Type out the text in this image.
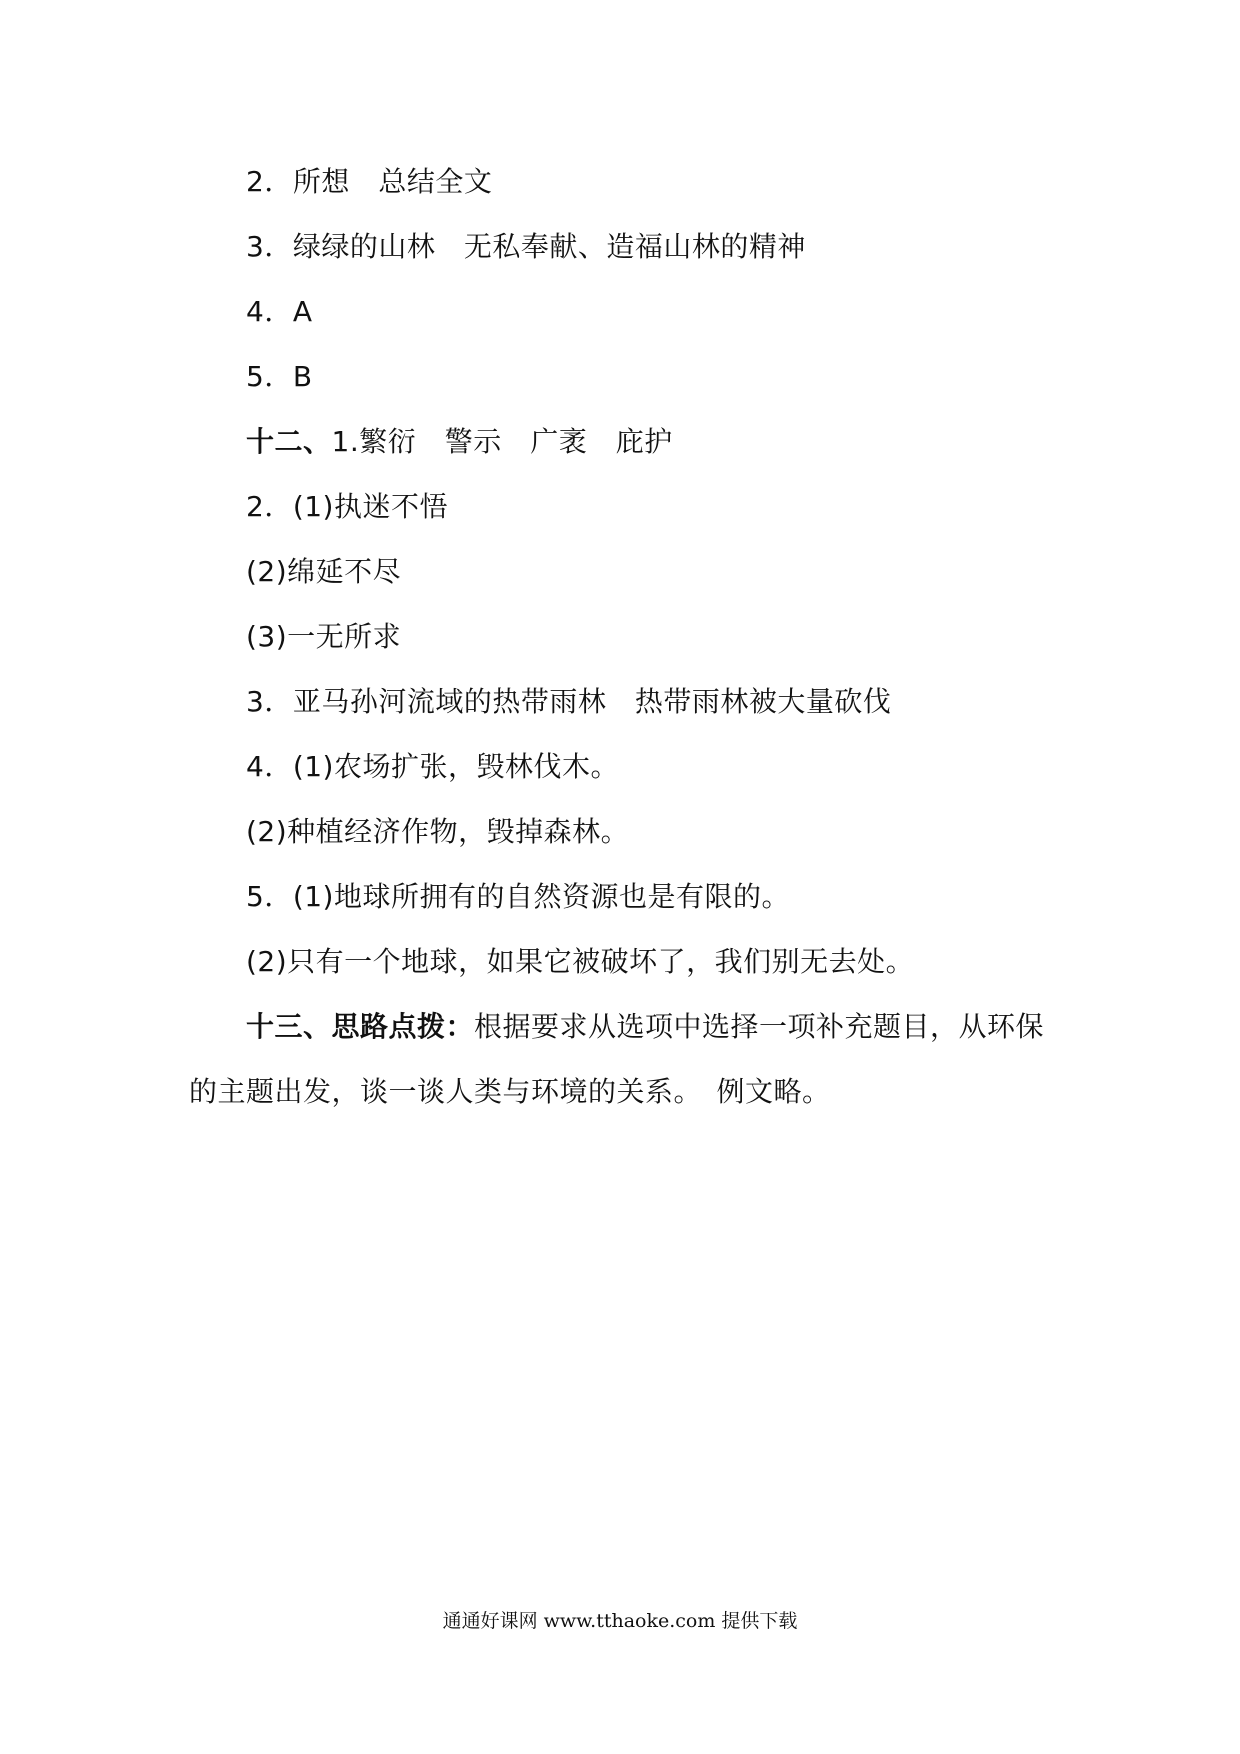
2．所想　总结全文
3．绿绿的山林　无私奉献、造福山林的精神
4．A
5．B
十二、1.繁衍　警示　广袤　庇护
2．(1)执迷不悟
(2)绵延不尽
(3)一无所求
3．亚马孙河流域的热带雨林　热带雨林被大量砍伐
4．(1)农场扩张，毁林伐木。
(2)种植经济作物，毁掉森林。
5．(1)地球所拥有的自然资源也是有限的。
(2)只有一个地球，如果它被破坏了，我们别无去处。
十三、思路点拨：根据要求从选项中选择一项补充题目，从环保
的主题出发，谈一谈人类与环境的关系。　例文略。
通通好课网 www.tthaoke.com 提供下载
